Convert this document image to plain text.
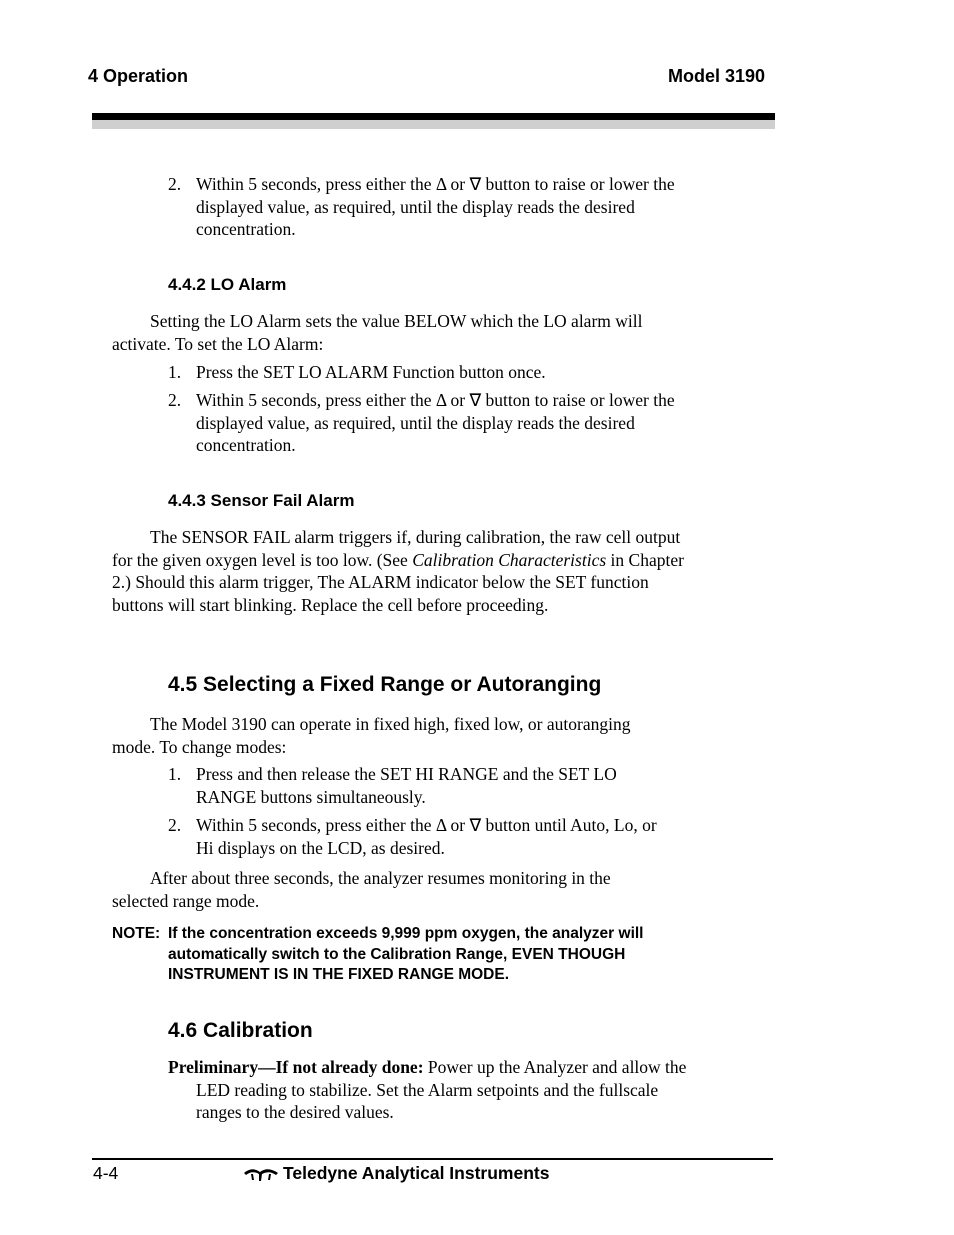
4 Operation	Model 3190
2. Within 5 seconds, press either the Δ or ∇ button to raise or lower the displayed value, as required, until the display reads the desired concentration.
4.4.2 LO Alarm
Setting the LO Alarm sets the value BELOW which the LO alarm will activate. To set the LO Alarm:
1. Press the SET LO ALARM Function button once.
2. Within 5 seconds, press either the Δ or ∇ button to raise or lower the displayed value, as required, until the display reads the desired concentration.
4.4.3 Sensor Fail Alarm
The SENSOR FAIL alarm triggers if, during calibration, the raw cell output for the given oxygen level is too low. (See Calibration Characteristics in Chapter 2.) Should this alarm trigger, The ALARM indicator below the SET function buttons will start blinking. Replace the cell before proceeding.
4.5 Selecting a Fixed Range or Autoranging
The Model 3190 can operate in fixed high, fixed low, or autoranging mode. To change modes:
1. Press and then release the SET HI RANGE and the SET LO RANGE buttons simultaneously.
2. Within 5 seconds, press either the Δ or ∇ button until Auto, Lo, or Hi displays on the LCD, as desired.
After about three seconds, the analyzer resumes monitoring in the selected range mode.
NOTE: If the concentration exceeds 9,999 ppm oxygen, the analyzer will automatically switch to the Calibration Range, EVEN THOUGH INSTRUMENT IS IN THE FIXED RANGE MODE.
4.6 Calibration
Preliminary—If not already done: Power up the Analyzer and allow the LED reading to stabilize. Set the Alarm setpoints and the fullscale ranges to the desired values.
4-4	Teledyne Analytical Instruments
